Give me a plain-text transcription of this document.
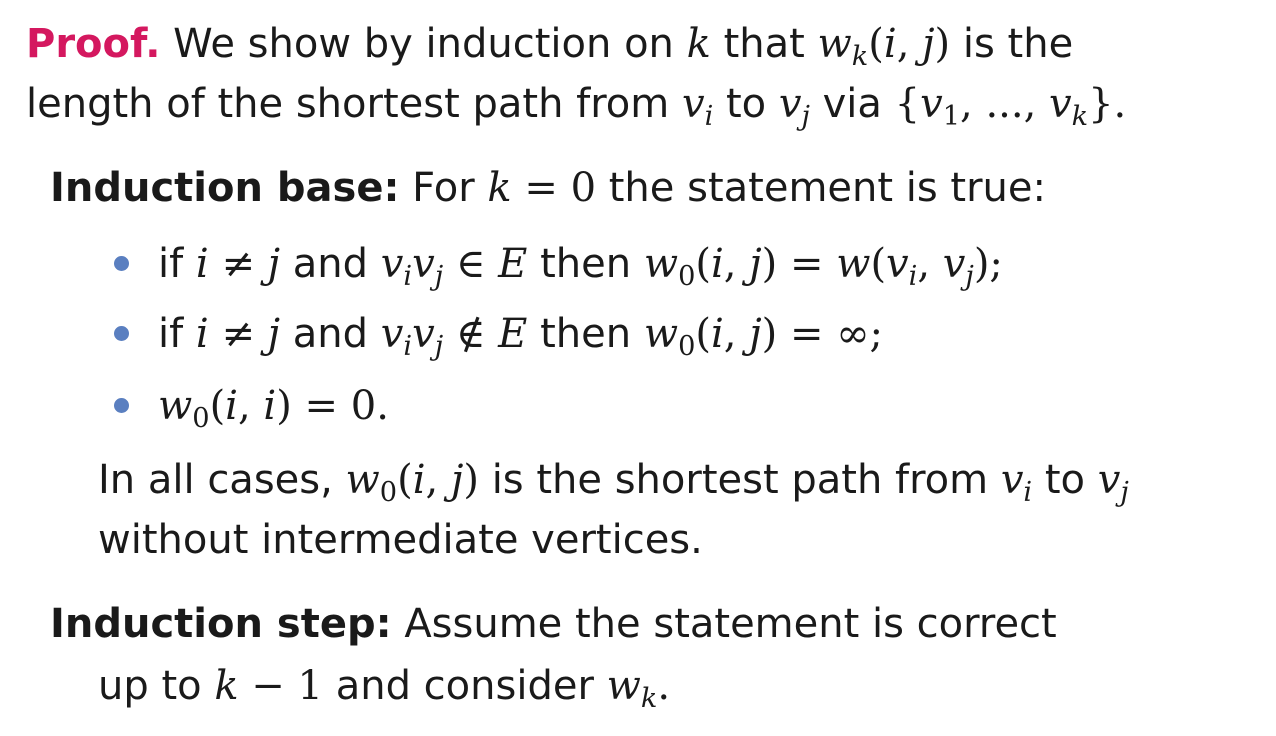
Proof. We show by induction on k that $w_k(i$, j) is the
length of the shortest path from $v_i$ to $v_j$ via {$v_1$, ..., $v_k$}.
Induction base: For k = 0 the statement is true:
if i ≠ j and $v_iv_j$ ∈ E then $w_0(i$, $j) = w(v_i$, $v_j$);
if i ≠ j and $v_iv_j$ ∉ E then $w_0(i$, j) = ∞;
$w_0(i$, i) = 0.
In all cases, $w_0(i$, j) is the shortest path from $v_i$ to $v_j$
without intermediate vertices.
Induction step: Assume the statement is correct
up to k − 1 and consider $w_k$.
